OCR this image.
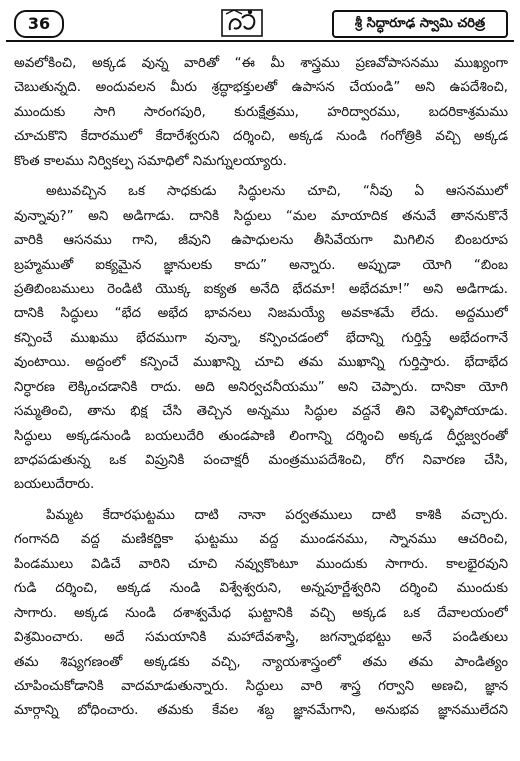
36	శ్రీ సిద్ధారూఢ స్వామి చరిత్ర
అవలోకించి, అక్కడ వున్న వారితో “ఈ మీ శాస్త్రము ప్రణవోపాసనము ముఖ్యంగా
చెబుతున్నది. అందువలన మీరు శ్రద్ధాభక్తులతో ఉపాసన చేయండి” అని ఉపదేశించి,
ముందుకు సాగి సారంగపురి, కురుక్షేత్రము, హరిద్వారము, బదరికాశ్రమము
చూచుకొని కేదారములో కేదారేశ్వరుని దర్శించి, అక్కడ నుండి గంగోత్రికి వచ్చి అక్కడ
కొంత కాలము నిర్వికల్ప సమాధిలో నిమగ్నులయ్యారు.
అటువచ్చిన ఒక సాధకుడు సిద్ధులను చూచి, “నీవు ఏ ఆసనములో
వున్నావు?” అని అడిగాడు. దానికి సిద్ధులు “మల మాయాదిక తనువే తాననుకొనే
వారికి ఆసనము గాని, జీవుని ఉపాధులను తీసివేయగా మిగిలిన బింబరూప
బ్రహ్మముతో ఐక్యమైన జ్ఞానులకు కాదు” అన్నారు. అప్పుడా యోగి “బింబ
ప్రతిబింబములు రెండిటి యొక్క ఐక్యత అనేది భేదమా! అభేదమా!” అని అడిగాడు.
దానికి సిద్ధులు “భేద అభేద భావనలు నిజమయ్యే అవకాశమే లేదు. అద్దములో
కన్పించే ముఖము భేదముగా వున్నా, కన్పించడంలో భేదాన్ని గుర్తిస్తే అభేదంగానే
వుంటాయి. అద్దంలో కన్పించే ముఖాన్ని చూచి తమ ముఖాన్ని గుర్తిస్తారు. భేదాభేద
నిర్ధారణ లెక్కించడానికి రాదు. అది అనిర్వచనీయము” అని చెప్పారు. దానికా యోగి
సమ్మతించి, తాను భిక్ష చేసి తెచ్చిన అన్నము సిద్ధుల వద్దనే తిని వెళ్ళిపోయాడు.
సిద్ధులు అక్కడనుండి బయలుదేరి తుండపాణి లింగాన్ని దర్శించి అక్కడ దీర్ఘజ్వరంతో
బాధపడుతున్న ఒక విప్రునికి పంచాక్షరీ మంత్రముపదేశించి, రోగ నివారణ చేసి,
బయలుదేరారు.
పిమ్మట కేదారఘట్టము దాటి నానా పర్వతములు దాటి కాశికి వచ్చారు.
గంగానది వద్ద మణికర్ణికా ఘట్టము వద్ద ముండనము, స్నానము ఆచరించి,
పిండములు విడిచే వారిని చూచి నవ్వుకొంటూ ముందుకు సాగారు. కాలభైరవుని
గుడి దర్శించి, అక్కడ నుండి విశ్వేశ్వరుని, అన్నపూర్ణేశ్వరిని దర్శించి ముందుకు
సాగారు. అక్కడ నుండి దశాశ్వమేధ ఘట్టానికి వచ్చి అక్కడ ఒక దేవాలయంలో
విశ్రమించారు. అదే సమయానికి మహాదేవశాస్త్రి, జగన్నాథభట్టు అనే పండితులు
తమ శిష్యగణంతో అక్కడకు వచ్చి, న్యాయశాస్త్రంలో తమ తమ పాండిత్యం
చూపించుకోడానికి వాదమాడుతున్నారు. సిద్ధులు వారి శాస్త్ర గర్వాని అణచి, జ్ఞాన
మార్గాన్ని బోధించారు. తమకు కేవల శబ్ద జ్ఞానమేగాని, అనుభవ జ్ఞానములేదని
